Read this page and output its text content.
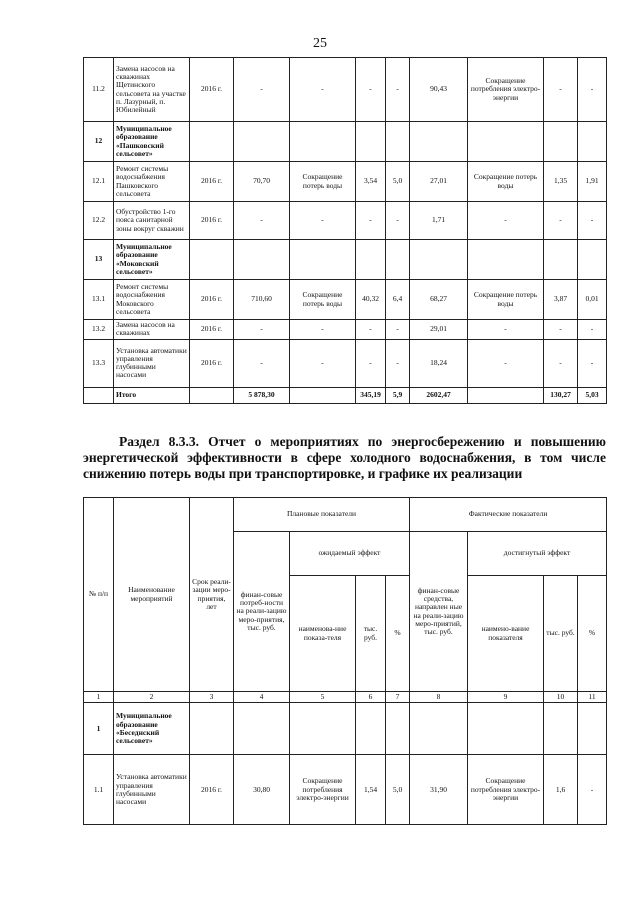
25
11.2	Замена насосов на скважинах Щетинского сельсовета на участке п. Лазурный, п. Юбилейный	2016 г.	-	-	-	-	90,43	Сокращение потребления электро-энергии	-	-
12	Муниципальное образование «Пашковский сельсовет»									
12.1	Ремонт системы водоснабжения Пашковского сельсовета	2016 г.	70,70	Сокращение потерь воды	3,54	5,0	27,01	Сокращение потерь воды	1,35	1,91
12.2	Обустройство 1-го пояса санитарной зоны вокруг скважин	2016 г.	-	-	-	-	1,71	-	-	-
13	Муниципальное образование «Моковский сельсовет»									
13.1	Ремонт системы водоснабжения Моковского сельсовета	2016 г.	710,60	Сокращение потерь воды	40,32	6,4	68,27	Сокращение потерь воды	3,87	0,01
13.2	Замена насосов на скважинах	2016 г.	-	-	-	-	29,01	-	-	-
13.3	Установка автоматики управления глубинными насосами	2016 г.	-	-	-	-	18,24	-	-	-
	Итого		5 878,30		345,19	5,9	2602,47		130,27	5,03
Раздел 8.3.3. Отчет о мероприятиях по энергосбережению и повышению энергетической эффективности в сфере холодного водоснабжения, в том числе снижению потерь воды при транспортировке, и графике их реализации
№ п/п	Наименование мероприятий	Срок реали-зации меро-приятия, лет	Плановые показатели				Фактические показатели			
			финан-совые потреб-ности на реали-зацию меро-приятия, тыс. руб.	ожидаемый эффект			финан-совые средства, направлен ные на реали-зацию меро-приятий, тыс. руб.	достигнутый эффект		
				наименова-ние показа-теля	тыс. руб.	%		наимено-вание показателя	тыс. руб.	%
1	2	3	4	5	6	7	8	9	10	11
1	Муниципальное образование «Беседнский сельсовет»									
1.1	Установка автоматики управления глубинными насосами	2016 г.	30,80	Сокращение потребления электро-энергии	1,54	5,0	31,90	Сокращение потребления электро-энергии	1,6	-
